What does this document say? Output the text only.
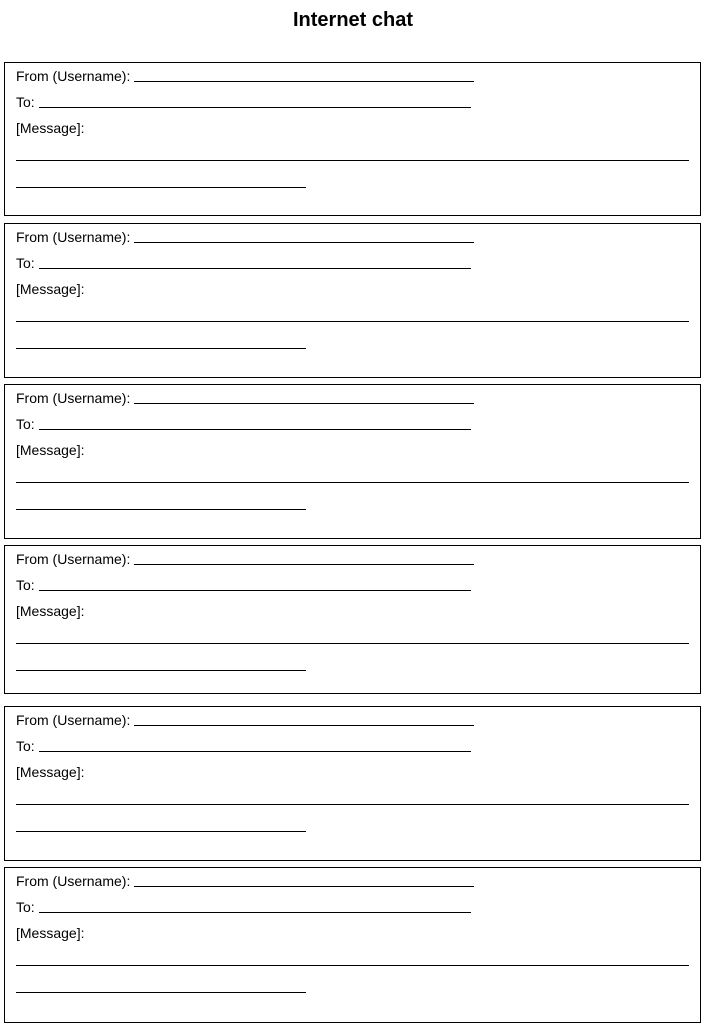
Internet chat
From (Username):
To:
[Message]:
From (Username):
To:
[Message]:
From (Username):
To:
[Message]:
From (Username):
To:
[Message]:
From (Username):
To:
[Message]:
From (Username):
To:
[Message]:
